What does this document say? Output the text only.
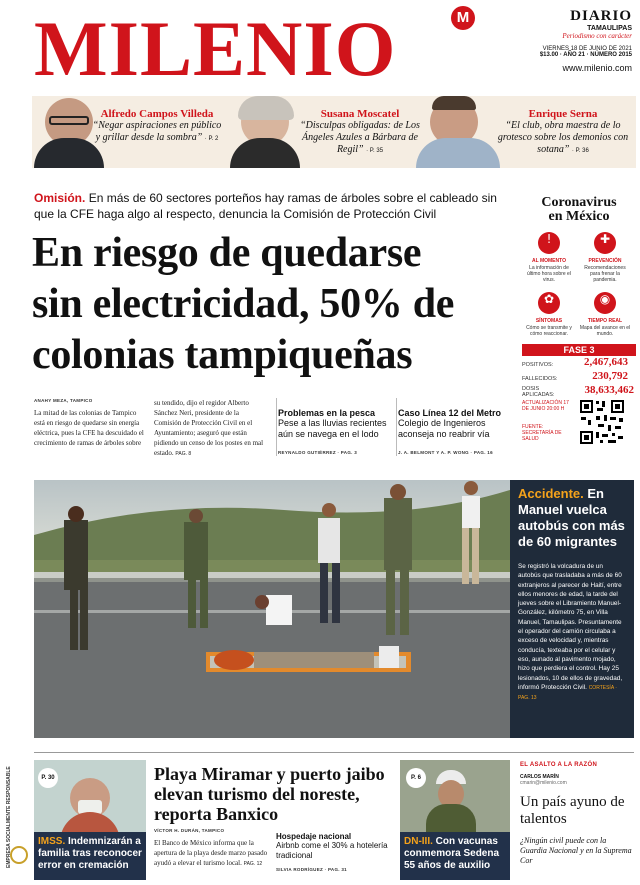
MILENIO	M	DIARIO
TAMAULIPAS
Periodismo con carácter
VIERNES 18 DE JUNIO DE 2021
$13.00 · AÑO 21 · NÚMERO 2015
www.milenio.com
Alfredo Campos Villeda
“Negar aspiraciones en público y grillar desde la sombra” · P. 2
Susana Moscatel
“Disculpas obligadas: de Los Ángeles Azules a Bárbara de Regil” · P. 35
Enrique Serna
“El club, obra maestra de lo grotesco sobre los demonios con sotana” · P. 36
Omisión. En más de 60 sectores porteños hay ramas de árboles sobre el cableado sin que la CFE haga algo al respecto, denuncia la Comisión de Protección Civil
En riesgo de quedarse
sin electricidad, 50% de
colonias tampiqueñas
ANAHY MEZA, TAMPICO
La mitad de las colonias de Tampico está en riesgo de quedarse sin energía eléctrica, pues la CFE ha descuidado el crecimiento de ramas de árboles sobre
su tendido, dijo el regidor Alberto Sánchez Neri, presidente de la Comisión de Protección Civil en el Ayuntamiento; aseguró que están pidiendo un censo de los postes en mal estado. PAG. 8
Problemas en la pesca
Pese a las lluvias recientes aún se navega en el lodo
REYNALDO GUTIÉRREZ · PAG. 3
Caso Línea 12 del Metro
Colegio de Ingenieros aconseja no reabrir vía
J. A. BELMONT Y A. P. WONG · PAG. 16
Coronavirus
en México
!
AL MOMENTO
La información de último hora sobre el virus.
✚
PREVENCIÓN
Recomendaciones para frenar la pandemia.
✿
SÍNTOMAS
Cómo se transmite y cómo reaccionar.
◉
TIEMPO REAL
Mapa del avance en el mundo.
FASE 3
POSITIVOS:	2,467,643
FALLECIDOS:	230,792
DOSIS APLICADAS:	38,633,462
ACTUALIZACIÓN 17 DE JUNIO 20:00 H
FUENTE: SECRETARÍA DE SALUD
Accidente. En Manuel vuelca autobús con más de 60 migrantes
Se registró la volcadura de un autobús que trasladaba a más de 60 extranjeros al parecer de Haití, entre ellos menores de edad, la tarde del jueves sobre el Libramiento Manuel-González, kilómetro 75, en Villa Manuel, Tamaulipas. Presuntamente el operador del camión circulaba a exceso de velocidad y, mientras conducía, texteaba por el celular y eso, aunado al pavimento mojado, hizo que perdiera el control. Hay 25 lesionados, 10 de ellos de gravedad, informó Protección Civil. CORTESÍA · PAG. 13
EMPRESA SOCIALMENTE RESPONSABLE	P. 30
IMSS. Indemnizarán a familia tras reconocer error en cremación
Playa Miramar y puerto jaibo elevan turismo del noreste, reporta Banxico
VÍCTOR H. DURÁN, TAMPICO
El Banco de México informa que la apertura de la playa desde marzo pasado ayudó a elevar el turismo local. PAG. 12
Hospedaje nacional
Airbnb come el 30% a hotelería tradicional
SILVIA RODRÍGUEZ · PAG. 31
P. 6
DN-III. Con vacunas conmemora Sedena 55 años de auxilio
EL ASALTO A LA RAZÓN
CARLOS MARÍN
cmarin@milenio.com
Un país ayuno de talentos
¿Ningún civil puede con la Guardia Nacional y en la Suprema Cor
